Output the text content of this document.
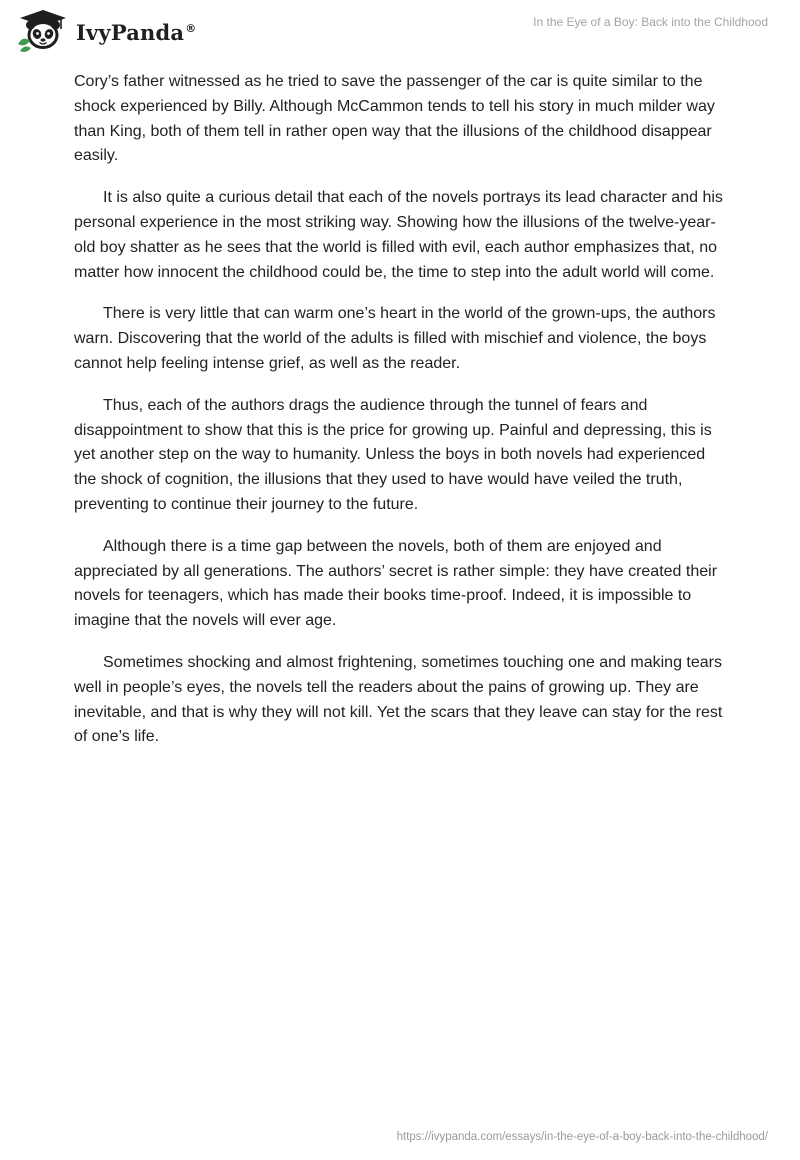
IvyPanda®	In the Eye of a Boy: Back into the Childhood

Cory’s father witnessed as he tried to save the passenger of the car is quite similar to the shock experienced by Billy. Although McCammon tends to tell his story in much milder way than King, both of them tell in rather open way that the illusions of the childhood disappear easily.

It is also quite a curious detail that each of the novels portrays its lead character and his personal experience in the most striking way. Showing how the illusions of the twelve-year-old boy shatter as he sees that the world is filled with evil, each author emphasizes that, no matter how innocent the childhood could be, the time to step into the adult world will come.

There is very little that can warm one’s heart in the world of the grown-ups, the authors warn. Discovering that the world of the adults is filled with mischief and violence, the boys cannot help feeling intense grief, as well as the reader.

Thus, each of the authors drags the audience through the tunnel of fears and disappointment to show that this is the price for growing up. Painful and depressing, this is yet another step on the way to humanity. Unless the boys in both novels had experienced the shock of cognition, the illusions that they used to have would have veiled the truth, preventing to continue their journey to the future.

Although there is a time gap between the novels, both of them are enjoyed and appreciated by all generations. The authors’ secret is rather simple: they have created their novels for teenagers, which has made their books time-proof. Indeed, it is impossible to imagine that the novels will ever age.

Sometimes shocking and almost frightening, sometimes touching one and making tears well in people’s eyes, the novels tell the readers about the pains of growing up. They are inevitable, and that is why they will not kill. Yet the scars that they leave can stay for the rest of one’s life.

https://ivypanda.com/essays/in-the-eye-of-a-boy-back-into-the-childhood/
